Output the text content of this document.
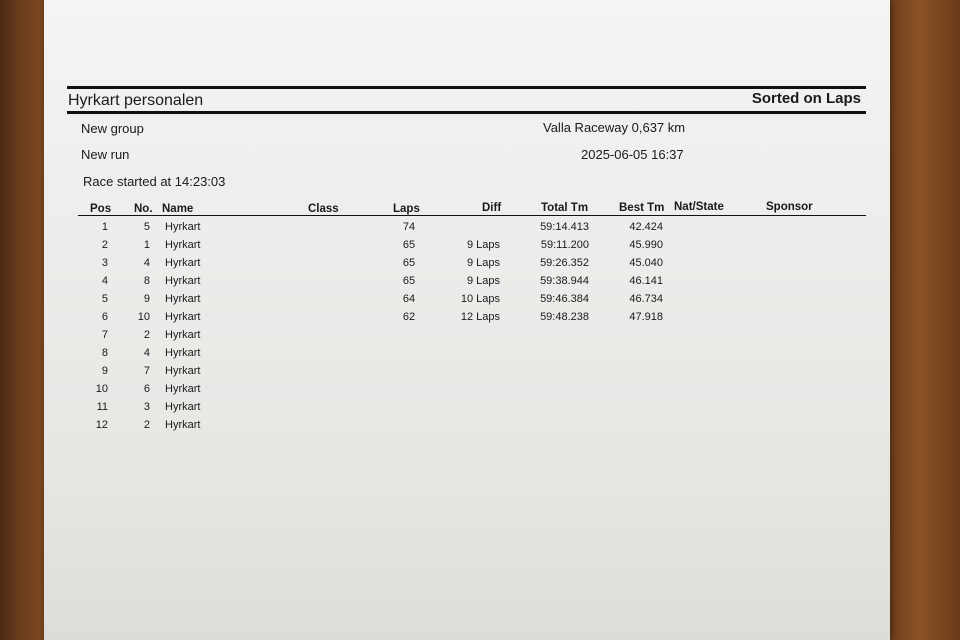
Hyrkart personalen	Sorted on Laps
New group
New run
Race started at 14:23:03
Valla Raceway 0,637 km
2025-06-05 16:37
Pos No. Name	Class	Laps	Diff	Total Tm	Best Tm Nat/State	Sponsor
1	5 Hyrkart	74	59:14.413	42.424
2	1 Hyrkart	65	9 Laps	59:11.200	45.990
3	4 Hyrkart	65	9 Laps	59:26.352	45.040
4	8 Hyrkart	65	9 Laps	59:38.944	46.141
5	9 Hyrkart	64	10 Laps	59:46.384	46.734
6	10 Hyrkart	62	12 Laps	59:48.238	47.918
7	2 Hyrkart
8	4 Hyrkart
9	7 Hyrkart
10	6 Hyrkart
11	3 Hyrkart
12	2 Hyrkart
